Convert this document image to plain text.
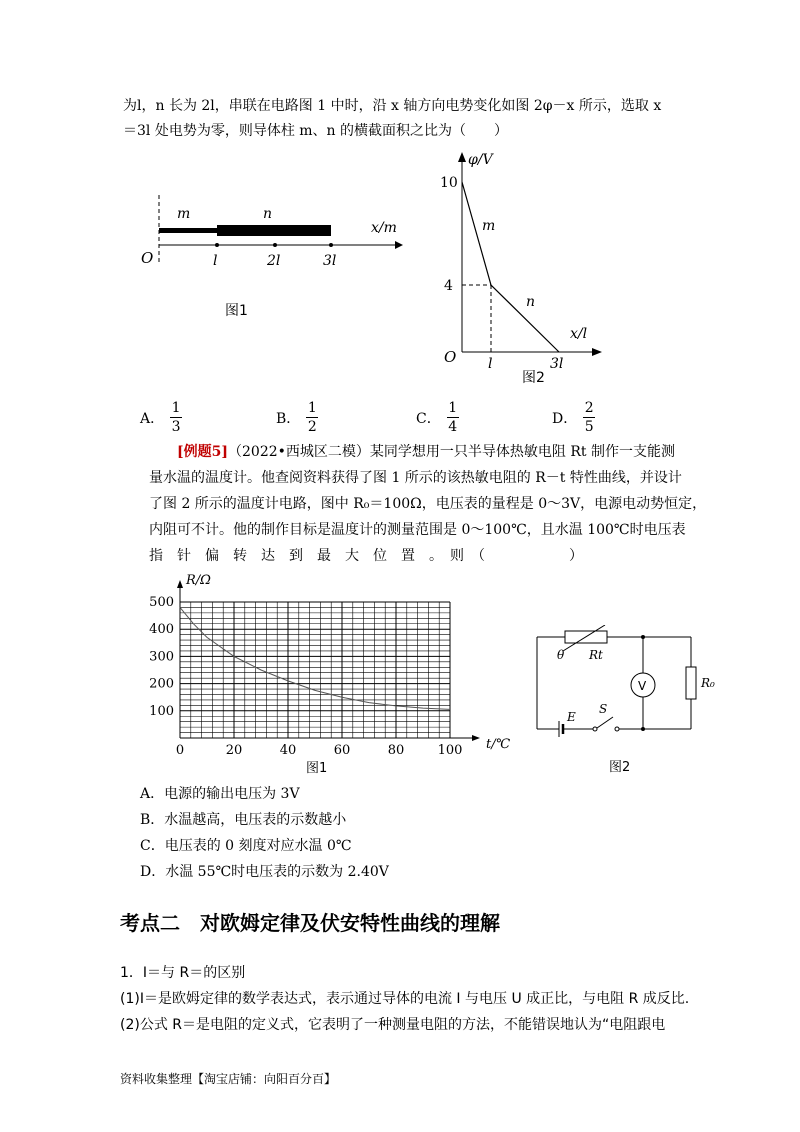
为l，n 长为 2l，串联在电路图 1 中时，沿 x 轴方向电势变化如图 2φ－x 所示，选取 x
＝3l 处电势为零，则导体柱 m、n 的横截面积之比为（　　）
m	n
x/m
O	l	2l	3l
图1
φ/V
10
4
m
n
x/l
O l	3l
图2
A． $\frac{1}{3}$	B． $\frac{1}{2}$	C． $\frac{1}{4}$	D． $\frac{2}{5}$
[例题5]（2022•西城区二模）某同学想用一只半导体热敏电阻 Rt 制作一支能测
量水温的温度计。他查阅资料获得了图 1 所示的该热敏电阻的 R－t 特性曲线，并设计
了图 2 所示的温度计电路，图中 R₀＝100Ω，电压表的量程是 0～3V，电源电动势恒定，
内阻可不计。他的制作目标是温度计的测量范围是 0～100℃，且水温 100℃时电压表
指　针　偏　转　达　到　最　大　位　置　。　则　（　　　　　　）
0	20	40	60	80	100
100
200
300
400
500
R/Ω
t/℃
图1
θ Rt
V	R₀
E
S
图2
A．电源的输出电压为 3V
B．水温越高，电压表的示数越小
C．电压表的 0 刻度对应水温 0℃
D．水温 55℃时电压表的示数为 2.40V
考点二　对欧姆定律及伏安特性曲线的理解
1．I＝与 R＝的区别
(1)I＝是欧姆定律的数学表达式，表示通过导体的电流 I 与电压 U 成正比，与电阻 R 成反比.
(2)公式 R＝是电阻的定义式，它表明了一种测量电阻的方法，不能错误地认为“电阻跟电
资料收集整理【淘宝店铺：向阳百分百】
